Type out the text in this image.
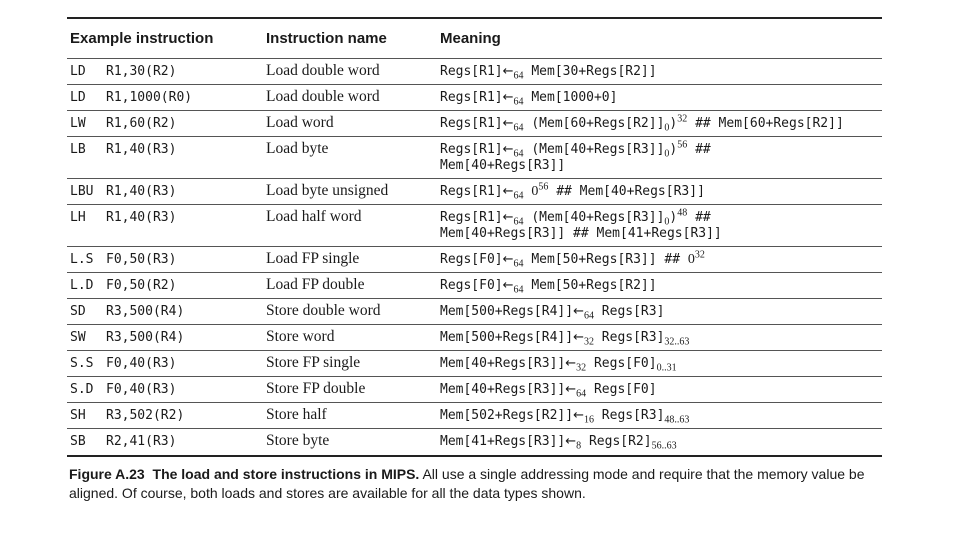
Example instruction	Instruction name	Meaning
LD R1,30(R2)	Load double word	$Regs[R1]\leftarrow_{64}$ Mem[30+Regs[R2]]
LD R1,1000(R0)	Load double word	$Regs[R1]\leftarrow_{64}$ Mem[1000+0]
LW R1,60(R2)	Load word	$Regs[R1]\leftarrow_{64}$ $(Mem[60+Regs[R2]]_0)^{32}$ ## Mem[60+Regs[R2]]
LB R1,40(R3)	Load byte	$Regs[R1]\leftarrow_{64}$ $(Mem[40+Regs[R3]]_0)^{56}$ ##
Mem[40+Regs[R3]]
LBU R1,40(R3)	Load byte unsigned	$Regs[R1]\leftarrow_{64}$ $0^{56}$ ## Mem[40+Regs[R3]]
LH R1,40(R3)	Load half word	$Regs[R1]\leftarrow_{64}$ $(Mem[40+Regs[R3]]_0)^{48}$ ##
Mem[40+Regs[R3]] ## Mem[41+Regs[R3]]
L.S F0,50(R3)	Load FP single	$Regs[F0]\leftarrow_{64}$ Mem[50+Regs[R3]] ## $0^{32}$
L.D F0,50(R2)	Load FP double	$Regs[F0]\leftarrow_{64}$ Mem[50+Regs[R2]]
SD R3,500(R4)	Store double word	$Mem[500+Regs[R4]]\leftarrow_{64}$ Regs[R3]
SW R3,500(R4)	Store word	$Mem[500+Regs[R4]]\leftarrow_{32}$ $Regs[R3]_{32..63}$
S.S F0,40(R3)	Store FP single	$Mem[40+Regs[R3]]\leftarrow_{32}$ $Regs[F0]_{0..31}$
S.D F0,40(R3)	Store FP double	$Mem[40+Regs[R3]]\leftarrow_{64}$ Regs[F0]
SH R3,502(R2)	Store half	$Mem[502+Regs[R2]]\leftarrow_{16}$ $Regs[R3]_{48..63}$
SB R2,41(R3)	Store byte	$Mem[41+Regs[R3]]\leftarrow_8$ $Regs[R2]_{56..63}$
Figure A.23 The load and store instructions in MIPS. All use a single addressing mode and require that the memory value be aligned. Of course, both loads and stores are available for all the data types shown.
